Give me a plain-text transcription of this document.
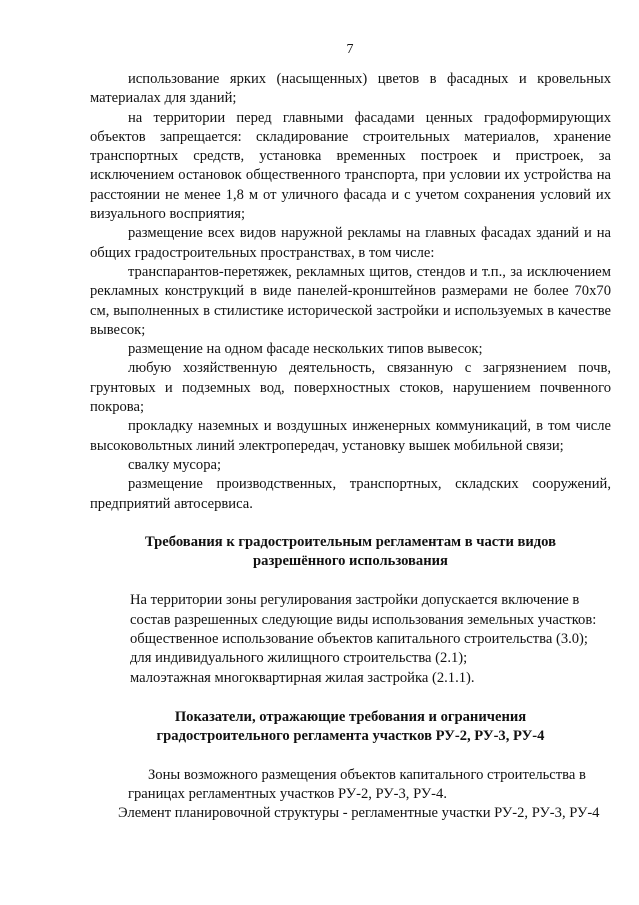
7

использование ярких (насыщенных) цветов в фасадных и кровельных материалах для зданий;

на территории перед главными фасадами ценных градоформирующих объектов запрещается: складирование строительных материалов, хранение транспортных средств, установка временных построек и пристроек, за исключением остановок общественного транспорта, при условии их устройства на расстоянии не менее 1,8 м от уличного фасада и с учетом сохранения условий их визуального восприятия;

размещение всех видов наружной рекламы на главных фасадах зданий и на общих градостроительных пространствах, в том числе:

транспарантов-перетяжек, рекламных щитов, стендов и т.п., за исключением рекламных конструкций в виде панелей-кронштейнов размерами не более 70х70 см, выполненных в стилистике исторической застройки и используемых в качестве вывесок;

размещение на одном фасаде нескольких типов вывесок;

любую хозяйственную деятельность, связанную с загрязнением почв, грунтовых и подземных вод, поверхностных стоков, нарушением почвенного покрова;

прокладку наземных и воздушных инженерных коммуникаций, в том числе высоковольтных линий электропередач, установку вышек мобильной связи;

свалку мусора;

размещение производственных, транспортных, складских сооружений, предприятий автосервиса.

Требования к градостроительным регламентам в части видов
разрешённого использования
На территории зоны регулирования застройки допускается включение в
состав разрешенных следующие виды использования земельных участков:
общественное использование объектов капитального строительства (3.0);
для индивидуального жилищного строительства (2.1);
малоэтажная многоквартирная жилая застройка (2.1.1).
Показатели, отражающие требования и ограничения
градостроительного регламента участков РУ-2, РУ-3, РУ-4

Зоны возможного размещения объектов капитального строительства в
границах регламентных участков РУ-2, РУ-3, РУ-4.

Элемент планировочной структуры - регламентные участки РУ-2, РУ-3, РУ-4
